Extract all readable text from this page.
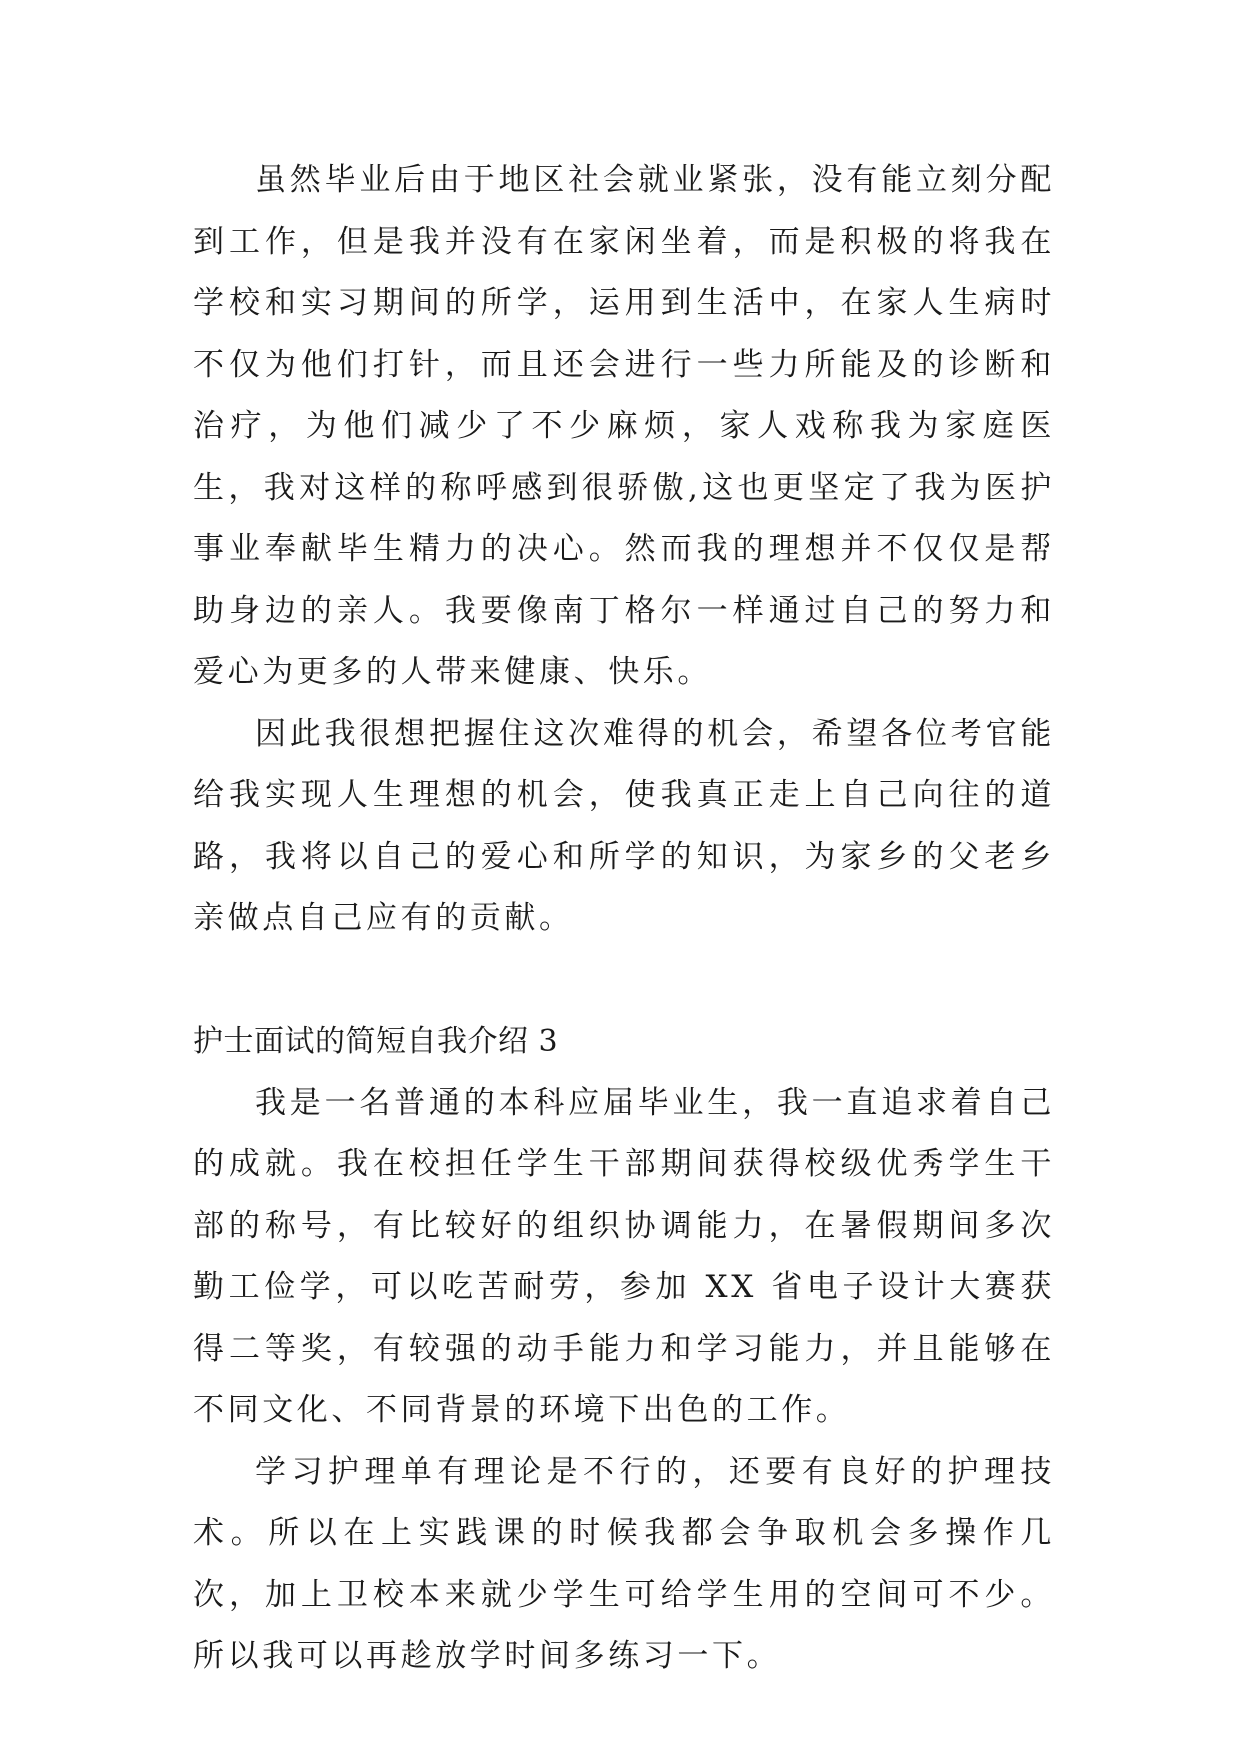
虽然毕业后由于地区社会就业紧张，没有能立刻分配到工作，但是我并没有在家闲坐着，而是积极的将我在学校和实习期间的所学，运用到生活中，在家人生病时不仅为他们打针，而且还会进行一些力所能及的诊断和治疗，为他们减少了不少麻烦，家人戏称我为家庭医生，我对这样的称呼感到很骄傲,这也更坚定了我为医护事业奉献毕生精力的决心。然而我的理想并不仅仅是帮助身边的亲人。我要像南丁格尔一样通过自己的努力和爱心为更多的人带来健康、快乐。

因此我很想把握住这次难得的机会，希望各位考官能给我实现人生理想的机会，使我真正走上自己向往的道路，我将以自己的爱心和所学的知识，为家乡的父老乡亲做点自己应有的贡献。

护士面试的简短自我介绍 3

我是一名普通的本科应届毕业生，我一直追求着自己的成就。我在校担任学生干部期间获得校级优秀学生干部的称号，有比较好的组织协调能力，在暑假期间多次勤工俭学，可以吃苦耐劳，参加 XX 省电子设计大赛获得二等奖，有较强的动手能力和学习能力，并且能够在不同文化、不同背景的环境下出色的工作。

学习护理单有理论是不行的，还要有良好的护理技术。所以在上实践课的时候我都会争取机会多操作几次，加上卫校本来就少学生可给学生用的空间可不少。所以我可以再趁放学时间多练习一下。
